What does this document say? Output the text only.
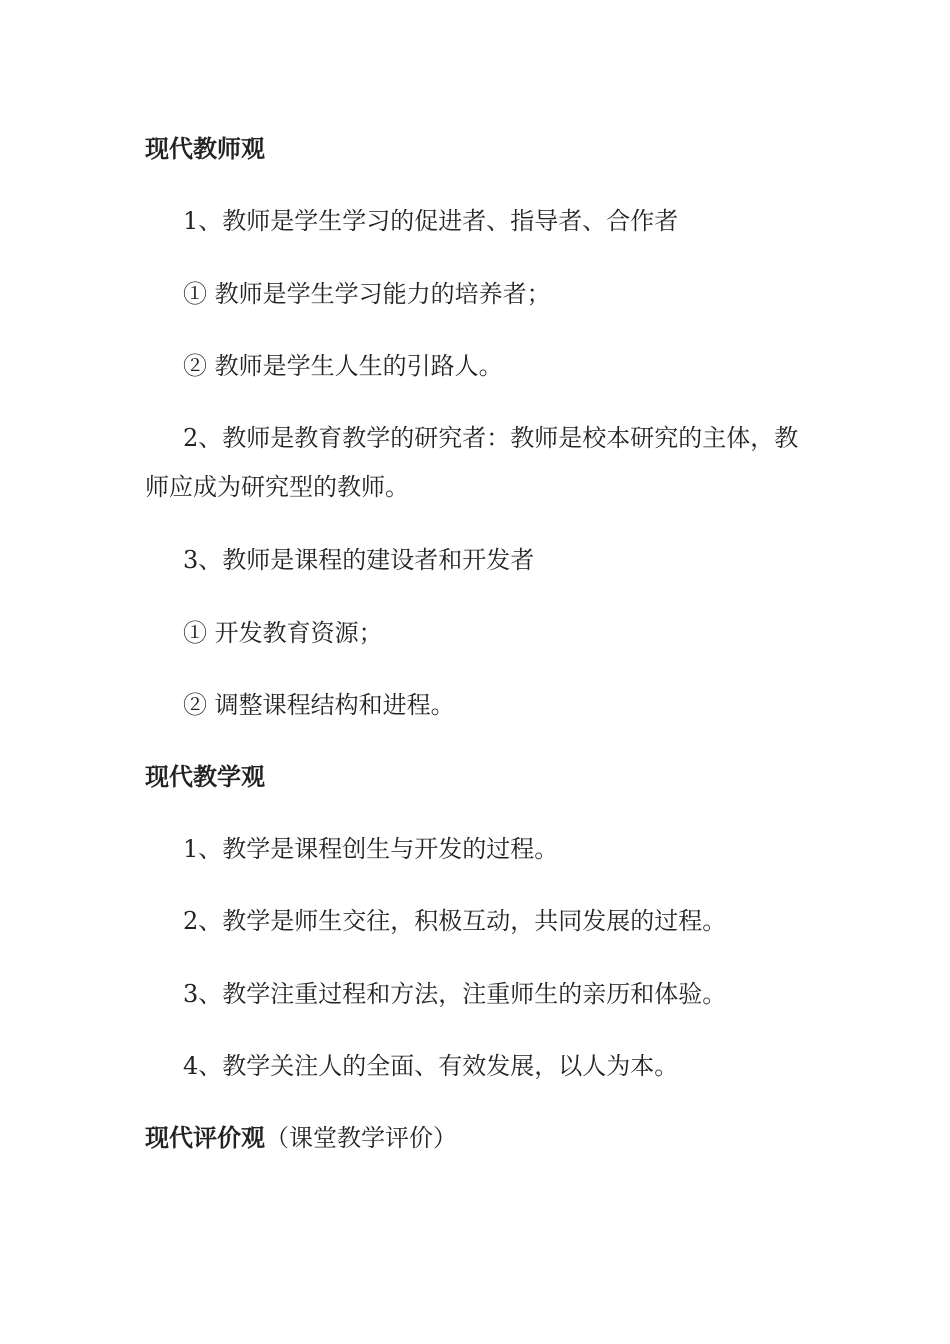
现代教师观
1、教师是学生学习的促进者、指导者、合作者
① 教师是学生学习能力的培养者；
② 教师是学生人生的引路人。
2、教师是教育教学的研究者：教师是校本研究的主体，教师应成为研究型的教师。
3、教师是课程的建设者和开发者
① 开发教育资源；
② 调整课程结构和进程。
现代教学观
1、教学是课程创生与开发的过程。
2、教学是师生交往，积极互动，共同发展的过程。
3、教学注重过程和方法，注重师生的亲历和体验。
4、教学关注人的全面、有效发展，以人为本。
现代评价观（课堂教学评价）
